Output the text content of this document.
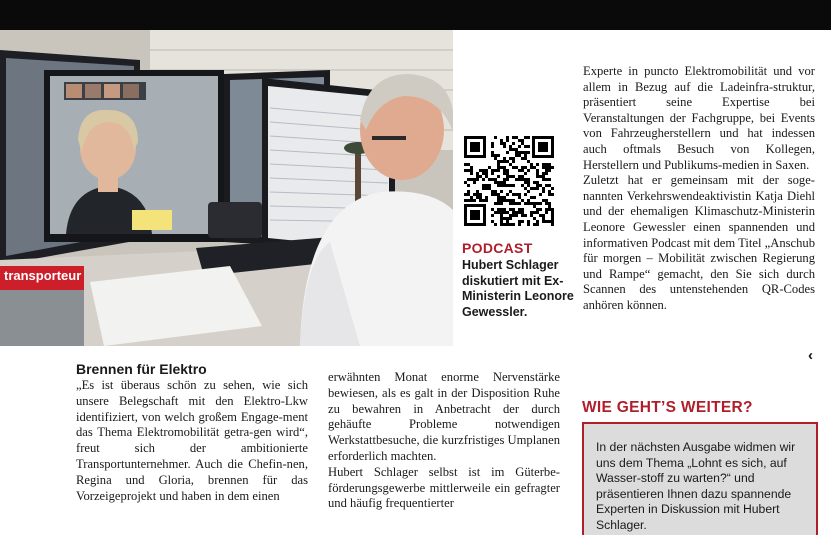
transporteur
PODCAST
Hubert Schlager diskutiert mit Ex-Ministerin Leonore Gewessler.

Experte in puncto Elektromobilität und vor allem in Bezug auf die Ladeinfra-struktur, präsentiert seine Expertise bei Veranstaltungen der Fachgruppe, bei Events von Fahrzeugherstellern und hat indessen auch oftmals Besuch von Kollegen, Herstellern und Publikums-medien in Saxen.

Zuletzt hat er gemeinsam mit der soge-nannten Verkehrswendeaktivistin Katja Diehl und der ehemaligen Klimaschutz-Ministerin Leonore Gewessler einen spannenden und informativen Podcast mit dem Titel „Anschub für morgen – Mobilität zwischen Regierung und Rampe“ gemacht, den Sie sich durch Scannen des untenstehenden QR-Codes anhören können.

‹
Brennen für Elektro

„Es ist überaus schön zu sehen, wie sich unsere Belegschaft mit den Elektro-Lkw identifiziert, von welch großem Engage-ment das Thema Elektromobilität getra-gen wird“, freut sich der ambitionierte Transportunternehmer. Auch die Chefin-nen, Regina und Gloria, brennen für das Vorzeigeprojekt und haben in dem einen

erwähnten Monat enorme Nervenstärke bewiesen, als es galt in der Disposition Ruhe zu bewahren in Anbetracht der durch gehäufte Probleme notwendigen Werkstattbesuche, die kurzfristiges Umplanen erforderlich machten.

Hubert Schlager selbst ist im Güterbe-förderungsgewerbe mittlerweile ein gefragter und häufig frequentierter

WIE GEHT’S WEITER?
In der nächsten Ausgabe widmen wir uns dem Thema „Lohnt es sich, auf Wasser-stoff zu warten?“ und präsentieren Ihnen dazu spannende Experten in Diskussion mit Hubert Schlager.
